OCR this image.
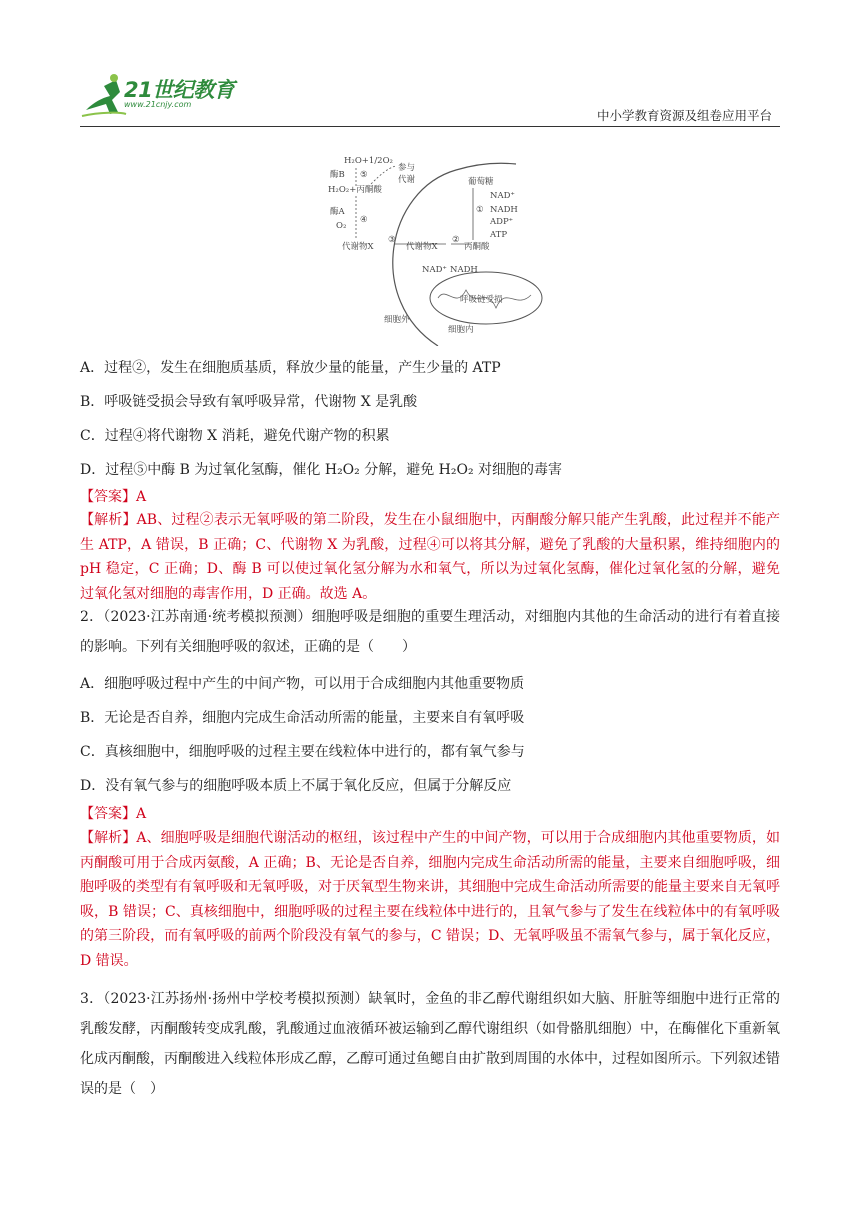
21世纪教育
www.21cnjy.com
中小学教育资源及组卷应用平台
H₂O+1/2O₂
酶B ⑤
参与
代谢
H₂O₂+丙酮酸
葡萄糖
NAD⁺
① NADH
ADP⁺
ATP
酶A
④
O₂
代谢物X
③
代谢物X
②
丙酮酸
NAD⁺ NADH
呼吸链受损
细胞外
细胞内
A．过程②，发生在细胞质基质，释放少量的能量，产生少量的 ATP
B．呼吸链受损会导致有氧呼吸异常，代谢物 X 是乳酸
C．过程④将代谢物 X 消耗，避免代谢产物的积累
D．过程⑤中酶 B 为过氧化氢酶，催化 H₂O₂ 分解，避免 H₂O₂ 对细胞的毒害
【答案】A
【解析】AB、过程②表示无氧呼吸的第二阶段，发生在小鼠细胞中，丙酮酸分解只能产生乳酸，此过程并不能产生 ATP，A 错误，B 正确；C、代谢物 X 为乳酸，过程④可以将其分解，避免了乳酸的大量积累，维持细胞内的 pH 稳定，C 正确；D、酶 B 可以使过氧化氢分解为水和氧气，所以为过氧化氢酶，催化过氧化氢的分解，避免过氧化氢对细胞的毒害作用，D 正确。故选 A。
2．（2023·江苏南通·统考模拟预测）细胞呼吸是细胞的重要生理活动，对细胞内其他的生命活动的进行有着直接的影响。下列有关细胞呼吸的叙述，正确的是（　　）
A．细胞呼吸过程中产生的中间产物，可以用于合成细胞内其他重要物质
B．无论是否自养，细胞内完成生命活动所需的能量，主要来自有氧呼吸
C．真核细胞中，细胞呼吸的过程主要在线粒体中进行的，都有氧气参与
D．没有氧气参与的细胞呼吸本质上不属于氧化反应，但属于分解反应
【答案】A
【解析】A、细胞呼吸是细胞代谢活动的枢纽，该过程中产生的中间产物，可以用于合成细胞内其他重要物质，如丙酮酸可用于合成丙氨酸，A 正确；B、无论是否自养，细胞内完成生命活动所需的能量，主要来自细胞呼吸，细胞呼吸的类型有有氧呼吸和无氧呼吸，对于厌氧型生物来讲，其细胞中完成生命活动所需要的能量主要来自无氧呼吸，B 错误；C、真核细胞中，细胞呼吸的过程主要在线粒体中进行的，且氧气参与了发生在线粒体中的有氧呼吸的第三阶段，而有氧呼吸的前两个阶段没有氧气的参与，C 错误；D、无氧呼吸虽不需氧气参与，属于氧化反应，D 错误。
3．（2023·江苏扬州·扬州中学校考模拟预测）缺氧时，金鱼的非乙醇代谢组织如大脑、肝脏等细胞中进行正常的乳酸发酵，丙酮酸转变成乳酸，乳酸通过血液循环被运输到乙醇代谢组织（如骨骼肌细胞）中，在酶催化下重新氧化成丙酮酸，丙酮酸进入线粒体形成乙醇，乙醇可通过鱼鳃自由扩散到周围的水体中，过程如图所示。下列叙述错误的是（　）
